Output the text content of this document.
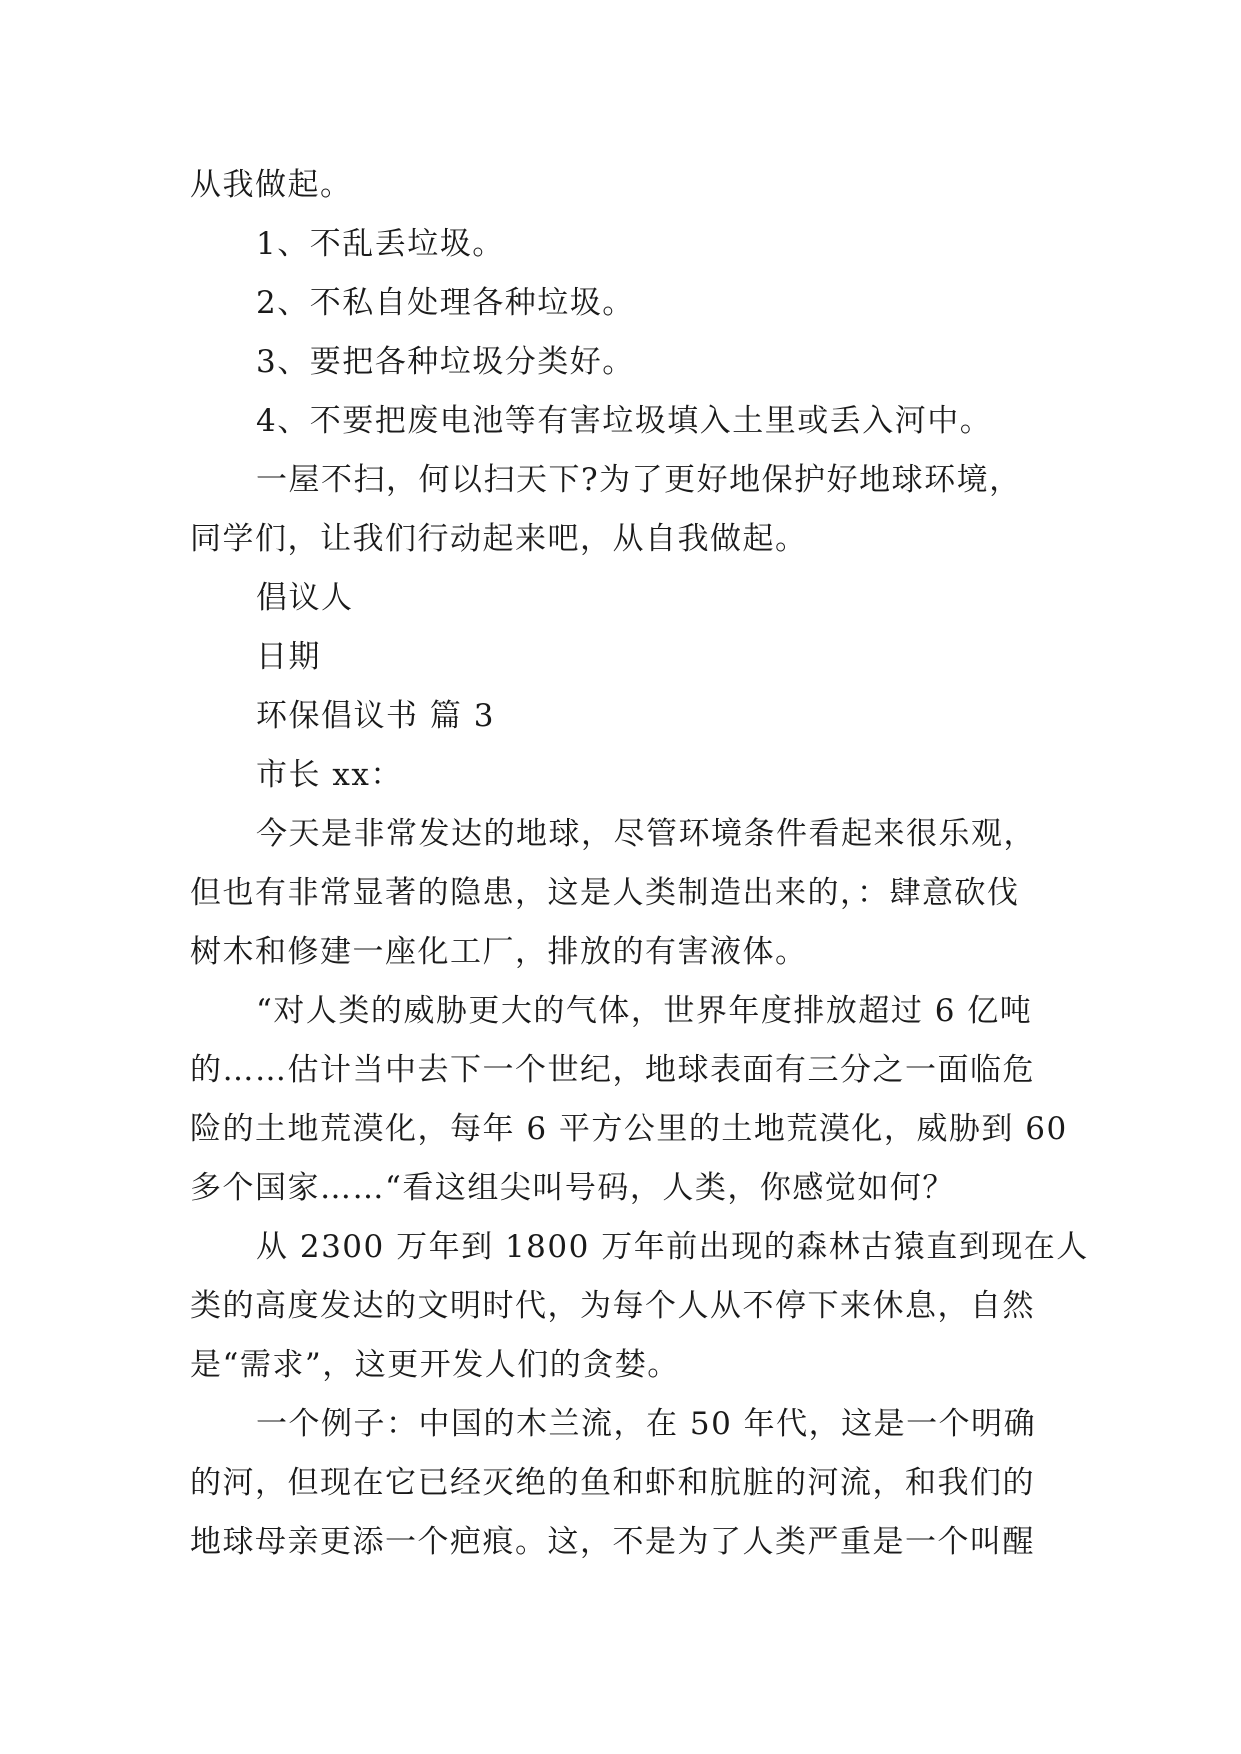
从我做起。
1、不乱丢垃圾。
2、不私自处理各种垃圾。
3、要把各种垃圾分类好。
4、不要把废电池等有害垃圾填入土里或丢入河中。
一屋不扫，何以扫天下?为了更好地保护好地球环境，
同学们，让我们行动起来吧，从自我做起。
倡议人
日期
环保倡议书 篇 3
市长 xx：
今天是非常发达的地球，尽管环境条件看起来很乐观，
但也有非常显著的隐患，这是人类制造出来的，：肆意砍伐
树木和修建一座化工厂，排放的有害液体。
“对人类的威胁更大的气体，世界年度排放超过 6 亿吨
的……估计当中去下一个世纪，地球表面有三分之一面临危
险的土地荒漠化，每年 6 平方公里的土地荒漠化，威胁到 60
多个国家……“看这组尖叫号码，人类，你感觉如何？
从 2300 万年到 1800 万年前出现的森林古猿直到现在人
类的高度发达的文明时代，为每个人从不停下来休息，自然
是“需求”，这更开发人们的贪婪。
一个例子：中国的木兰流，在 50 年代，这是一个明确
的河，但现在它已经灭绝的鱼和虾和肮脏的河流，和我们的
地球母亲更添一个疤痕。这，不是为了人类严重是一个叫醒
